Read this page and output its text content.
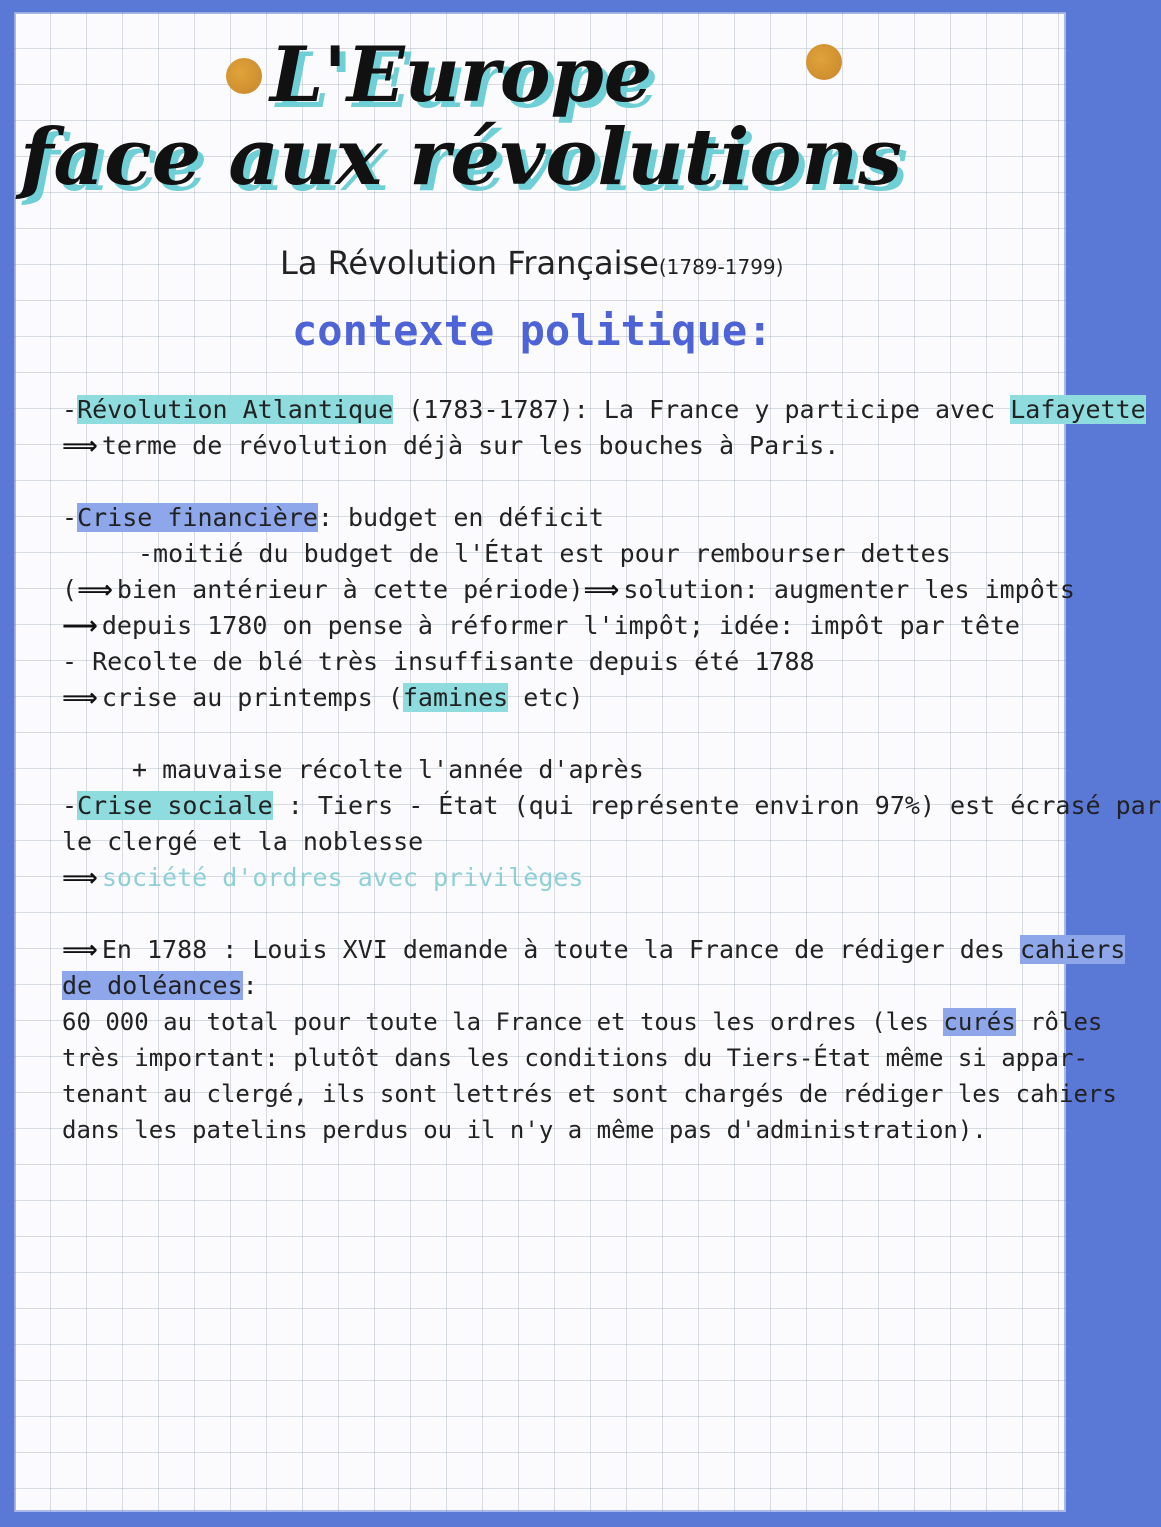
L'Europe
face aux révolutions
La Révolution Française(1789-1799)
contexte politique:
-Révolution Atlantique (1783-1787): La France y participe avec Lafayette
⟹ terme de révolution déjà sur les bouches à Paris.
-Crise financière: budget en déficit
-moitié du budget de l'État est pour rembourser dettes
(⟹ bien antérieur à cette période)⟹ solution: augmenter les impôts
⟶ depuis 1780 on pense à réformer l'impôt; idée: impôt par tête
- Recolte de blé très insuffisante depuis été 1788
⟹ crise au printemps (famines etc)
+ mauvaise récolte l'année d'après
-Crise sociale : Tiers - État (qui représente environ 97%) est écrasé par
le clergé et la noblesse
⟹ société d'ordres avec privilèges
⟹ En 1788 : Louis XVI demande à toute la France de rédiger des cahiers
de doléances:
60 000 au total pour toute la France et tous les ordres (les curés rôles
très important: plutôt dans les conditions du Tiers-État même si appar-
tenant au clergé, ils sont lettrés et sont chargés de rédiger les cahiers
dans les patelins perdus ou il n'y a même pas d'administration).
